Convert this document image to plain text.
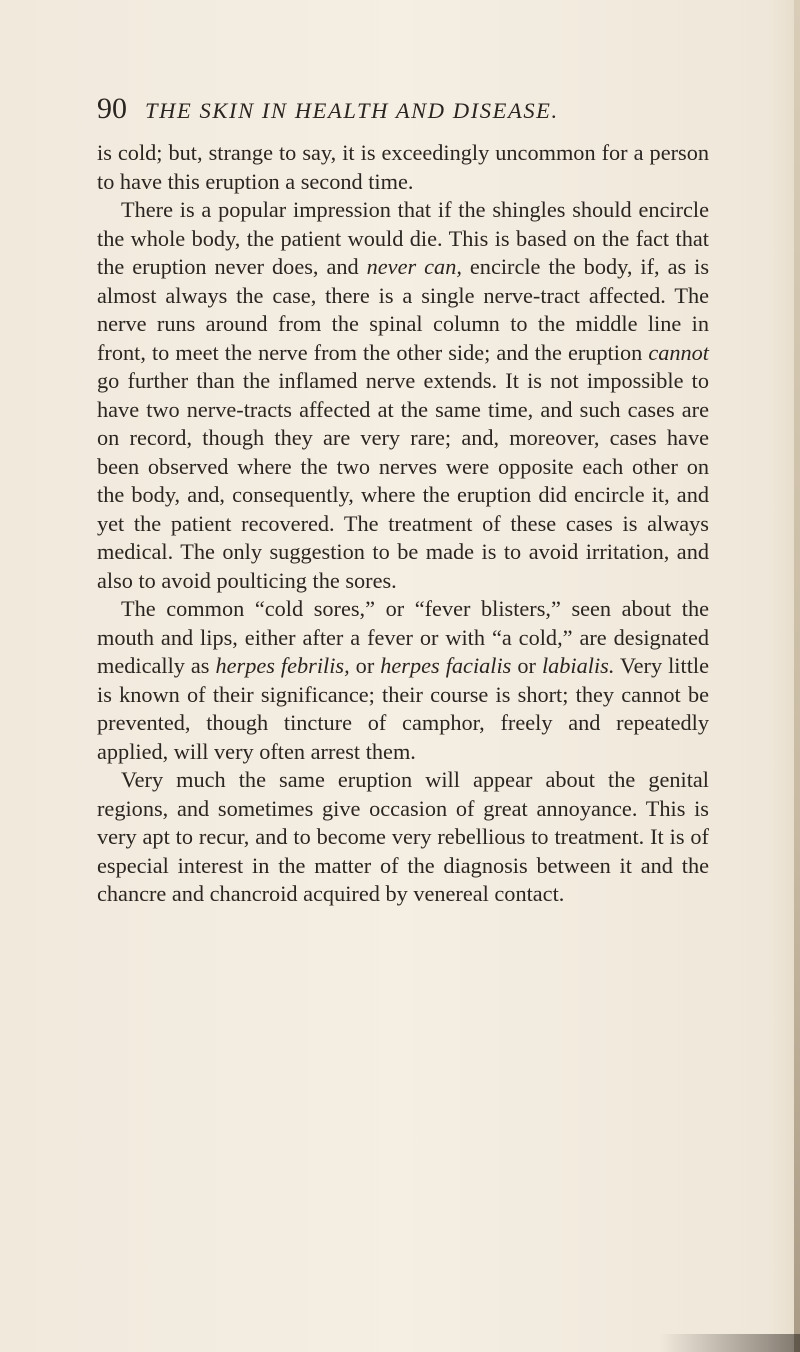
90 THE SKIN IN HEALTH AND DISEASE.

is cold; but, strange to say, it is exceedingly uncommon for a person to have this eruption a second time.

There is a popular impression that if the shingles should encircle the whole body, the patient would die. This is based on the fact that the eruption never does, and never can, encircle the body, if, as is almost always the case, there is a single nerve-tract affected. The nerve runs around from the spinal column to the middle line in front, to meet the nerve from the other side; and the eruption cannot go further than the inflamed nerve extends. It is not impossible to have two nerve-tracts affected at the same time, and such cases are on record, though they are very rare; and, moreover, cases have been observed where the two nerves were opposite each other on the body, and, consequently, where the eruption did encircle it, and yet the patient recovered. The treatment of these cases is always medical. The only suggestion to be made is to avoid irritation, and also to avoid poulticing the sores.

The common “cold sores,” or “fever blisters,” seen about the mouth and lips, either after a fever or with “a cold,” are designated medically as herpes febrilis, or herpes facialis or labialis. Very little is known of their significance; their course is short; they cannot be prevented, though tincture of camphor, freely and repeatedly applied, will very often arrest them.

Very much the same eruption will appear about the genital regions, and sometimes give occasion of great annoyance. This is very apt to recur, and to become very rebellious to treatment. It is of especial interest in the matter of the diagnosis between it and the chancre and chancroid acquired by venereal contact.
